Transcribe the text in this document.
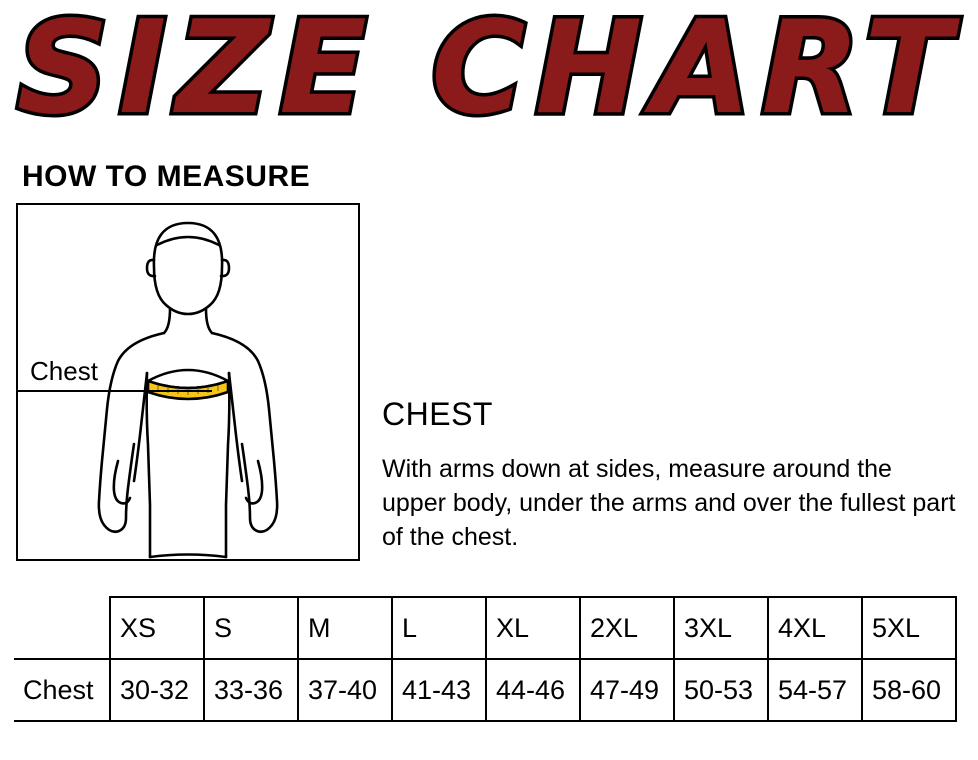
SIZE CHART
HOW TO MEASURE
Chest
CHEST
With arms down at sides, measure around the upper body, under the arms and over the fullest part of the chest.
	XS	S	M	L	XL	2XL	3XL	4XL	5XL
Chest	30-32	33-36	37-40	41-43	44-46	47-49	50-53	54-57	58-60
